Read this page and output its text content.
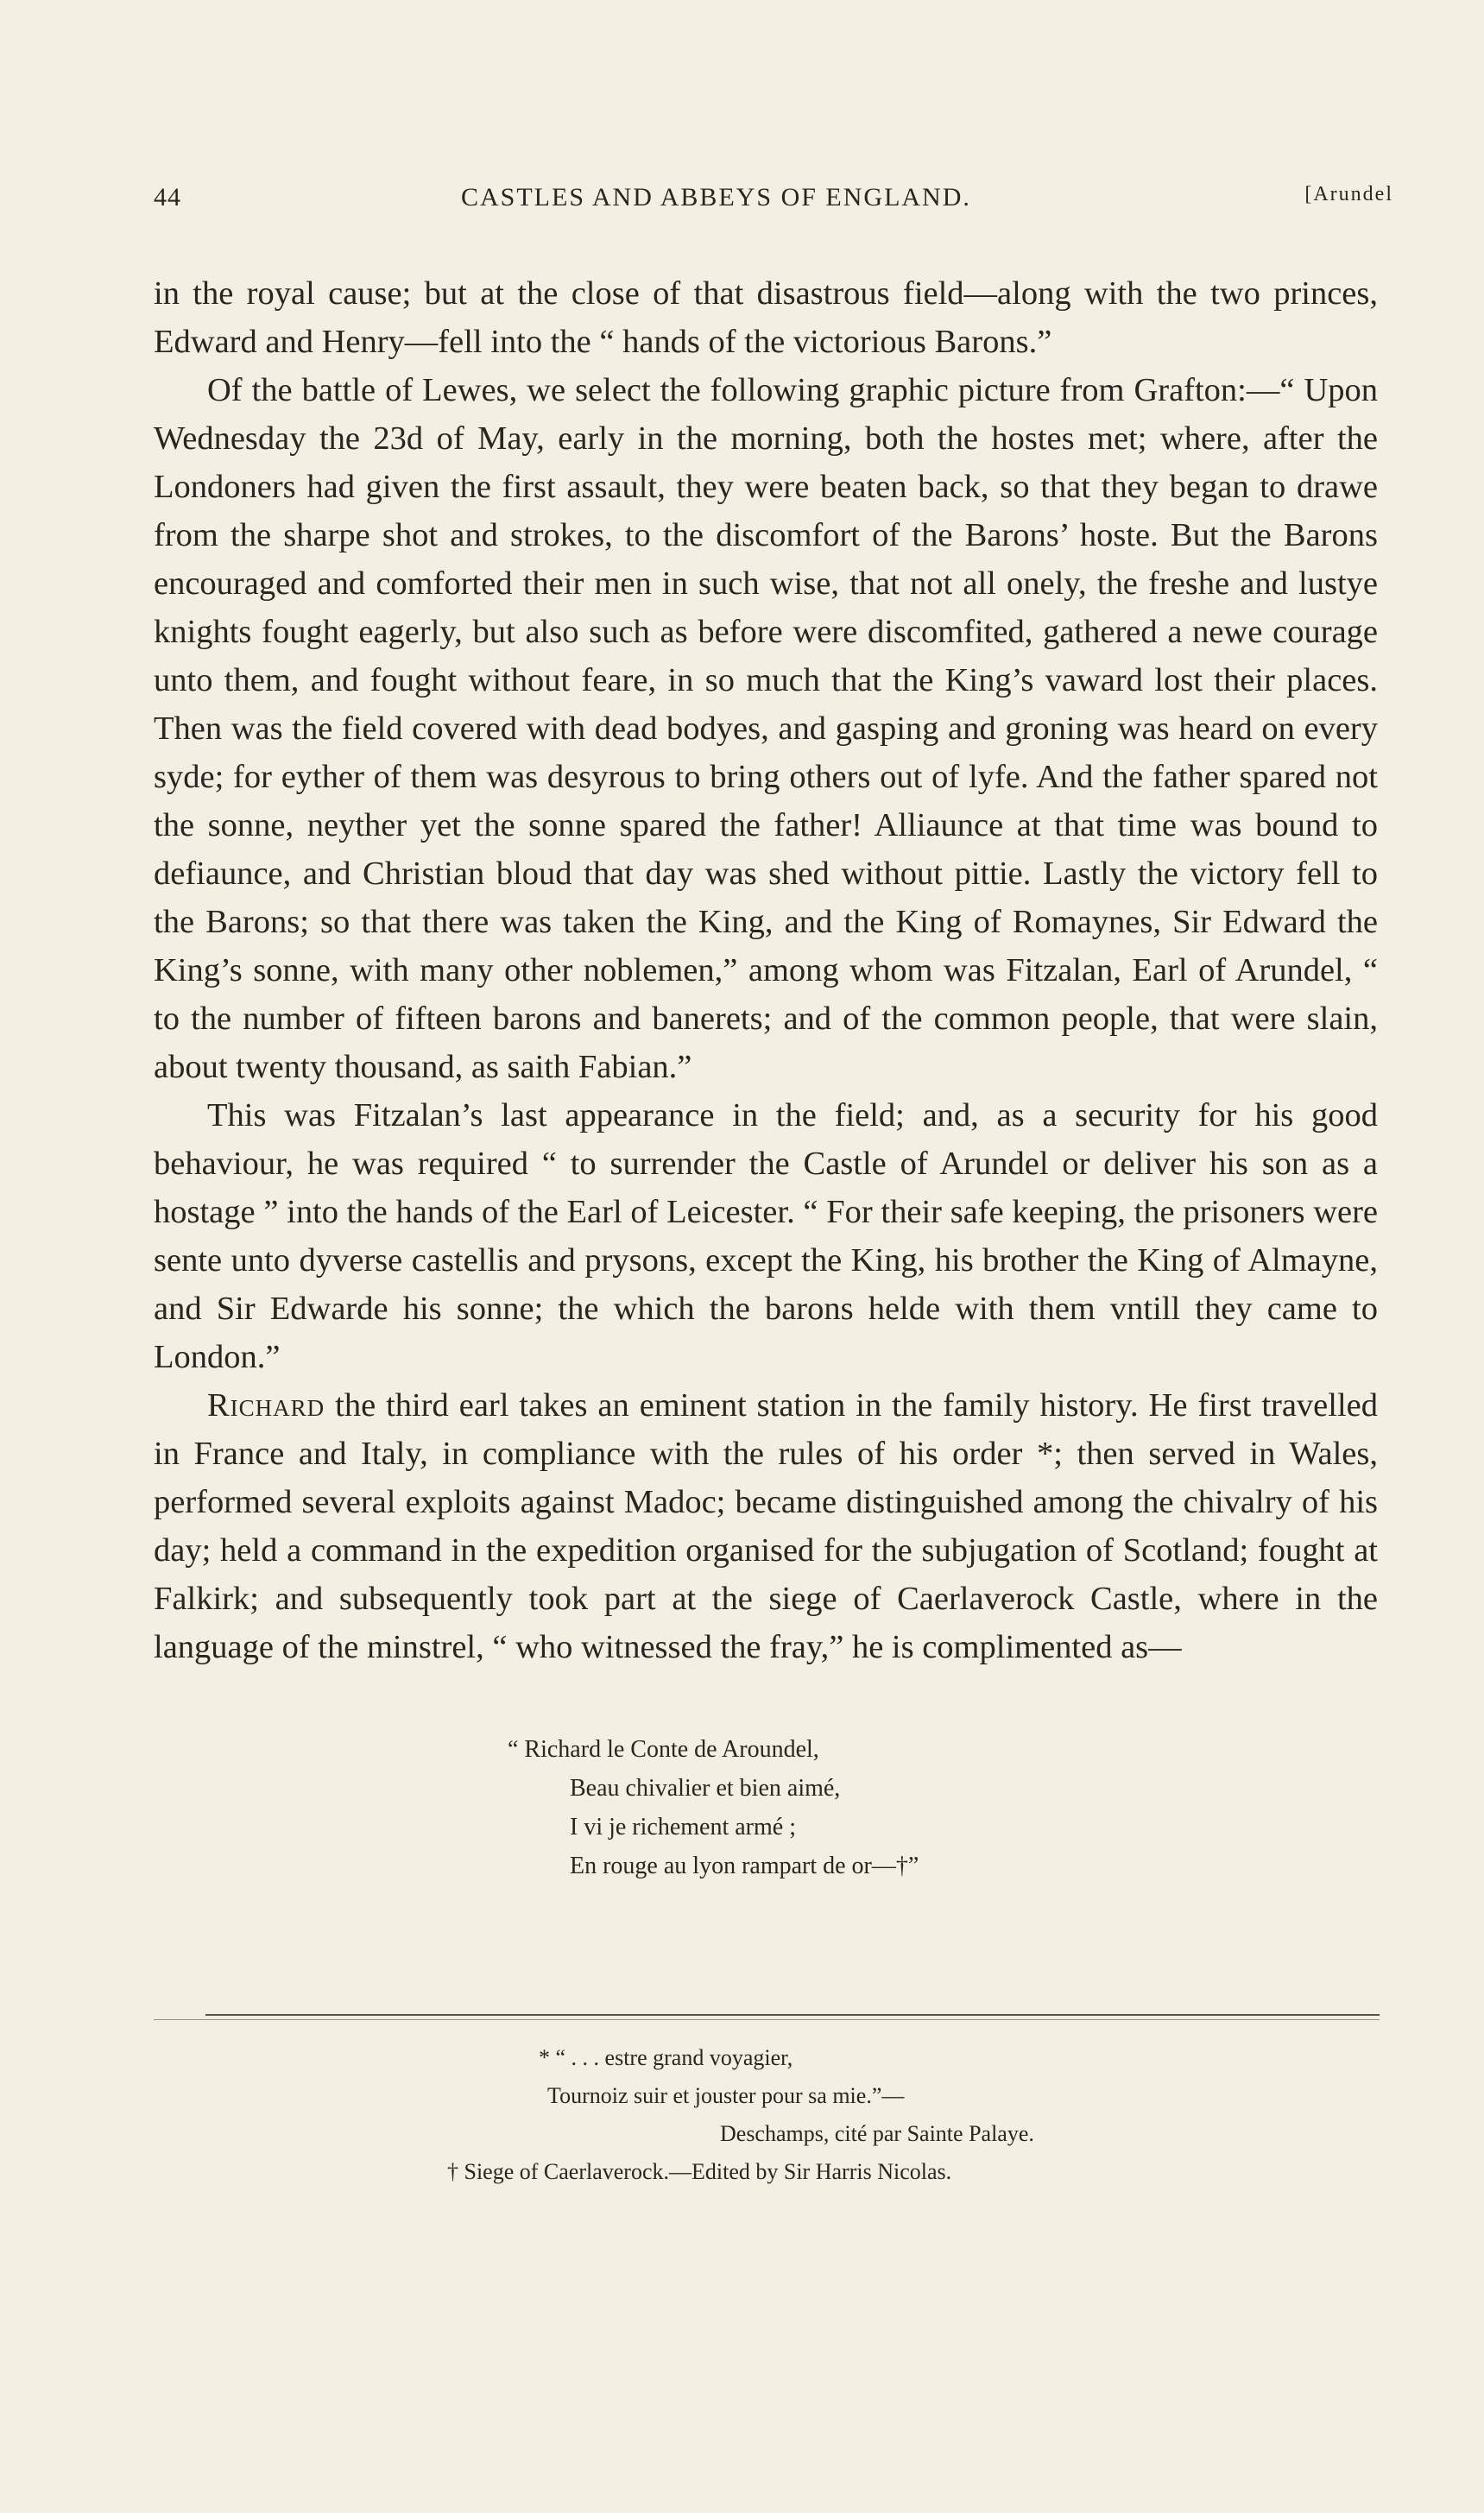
44	CASTLES AND ABBEYS OF ENGLAND.	[Arundel

in the royal cause; but at the close of that disastrous field—along with the two princes, Edward and Henry—fell into the “ hands of the victorious Barons.”

Of the battle of Lewes, we select the following graphic picture from Grafton:—“ Upon Wednesday the 23d of May, early in the morning, both the hostes met; where, after the Londoners had given the first assault, they were beaten back, so that they began to drawe from the sharpe shot and strokes, to the discomfort of the Barons’ hoste. But the Barons encouraged and comforted their men in such wise, that not all onely, the freshe and lustye knights fought eagerly, but also such as before were discomfited, gathered a newe courage unto them, and fought without feare, in so much that the King’s vaward lost their places. Then was the field covered with dead bodyes, and gasping and groning was heard on every syde; for eyther of them was desyrous to bring others out of lyfe. And the father spared not the sonne, neyther yet the sonne spared the father! Alliaunce at that time was bound to defiaunce, and Christian bloud that day was shed without pittie. Lastly the victory fell to the Barons; so that there was taken the King, and the King of Romaynes, Sir Edward the King’s sonne, with many other noblemen,” among whom was Fitzalan, Earl of Arundel, “ to the number of fifteen barons and banerets; and of the common people, that were slain, about twenty thousand, as saith Fabian.”

This was Fitzalan’s last appearance in the field; and, as a security for his good behaviour, he was required “ to surrender the Castle of Arundel or deliver his son as a hostage ” into the hands of the Earl of Leicester. “ For their safe keeping, the prisoners were sente unto dyverse castellis and prysons, except the King, his brother the King of Almayne, and Sir Edwarde his sonne; the which the barons helde with them vntill they came to London.”

Richard the third earl takes an eminent station in the family history. He first travelled in France and Italy, in compliance with the rules of his order *; then served in Wales, performed several exploits against Madoc; became distinguished among the chivalry of his day; held a command in the expedition organised for the subjugation of Scotland; fought at Falkirk; and subsequently took part at the siege of Caerlaverock Castle, where in the language of the minstrel, “ who witnessed the fray,” he is complimented as—

“ Richard le Conte de Aroundel,
Beau chivalier et bien aimé,
I vi je richement armé ;
En rouge au lyon rampart de or—†”
* “ . . . estre grand voyagier,
Tournoiz suir et jouster pour sa mie.”—
Deschamps, cité par Sainte Palaye.
† Siege of Caerlaverock.—Edited by Sir Harris Nicolas.
